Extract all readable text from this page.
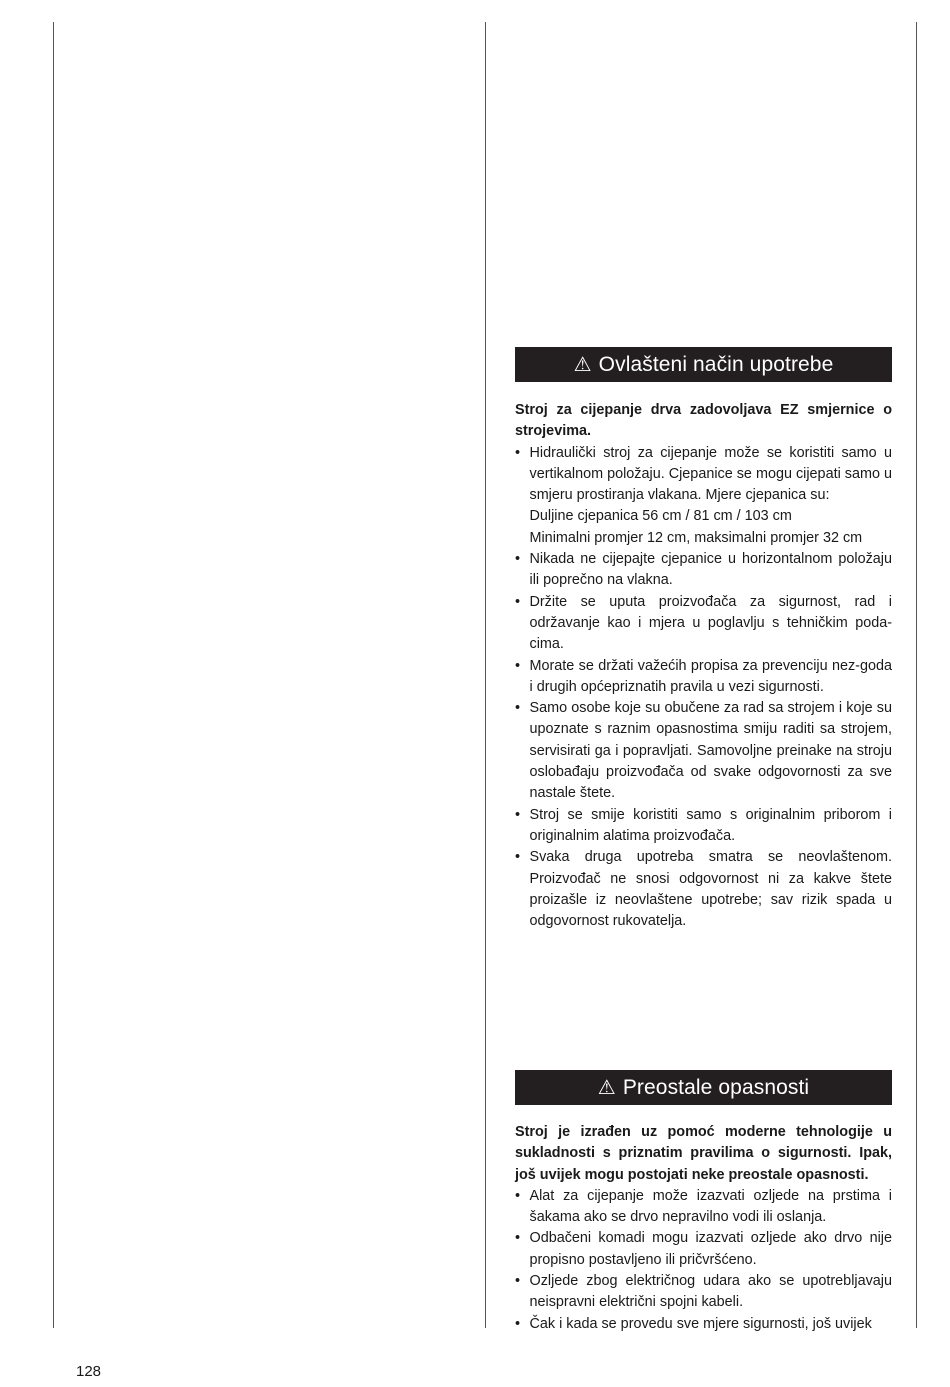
⚠ Ovlašteni način upotrebe

Stroj za cijepanje drva zadovoljava EZ smjernice o strojevima.

• Hidraulički stroj za cijepanje može se koristiti samo u vertikalnom položaju. Cjepanice se mogu cijepati samo u smjeru prostiranja vlakana. Mjere cjepanica su:
Duljine cjepanica 56 cm / 81 cm / 103 cm
Minimalni promjer 12 cm, maksimalni promjer 32 cm
• Nikada ne cijepajte cjepanice u horizontalnom položaju ili poprečno na vlakna.
• Držite se uputa proizvođača za sigurnost, rad i održavanje kao i mjera u poglavlju s tehničkim poda-cima.
• Morate se držati važećih propisa za prevenciju nez-goda i drugih općepriznatih pravila u vezi sigurnosti.
• Samo osobe koje su obučene za rad sa strojem i koje su upoznate s raznim opasnostima smiju raditi sa strojem, servisirati ga i popravljati. Samovoljne preinake na stroju oslobađaju proizvođača od svake odgovornosti za sve nastale štete.
• Stroj se smije koristiti samo s originalnim priborom i originalnim alatima proizvođača.
• Svaka druga upotreba smatra se neovlaštenom. Proizvođač ne snosi odgovornost ni za kakve štete proizašle iz neovlaštene upotrebe; sav rizik spada u odgovornost rukovatelja.
⚠ Preostale opasnosti

Stroj je izrađen uz pomoć moderne tehnologije u sukladnosti s priznatim pravilima o sigurnosti. Ipak, još uvijek mogu postojati neke preostale opasnosti.

• Alat za cijepanje može izazvati ozljede na prstima i šakama ako se drvo nepravilno vodi ili oslanja.
• Odbačeni komadi mogu izazvati ozljede ako drvo nije propisno postavljeno ili pričvršćeno.
• Ozljede zbog električnog udara ako se upotrebljavaju neispravni električni spojni kabeli.
• Čak i kada se provedu sve mjere sigurnosti, još uvijek
128
